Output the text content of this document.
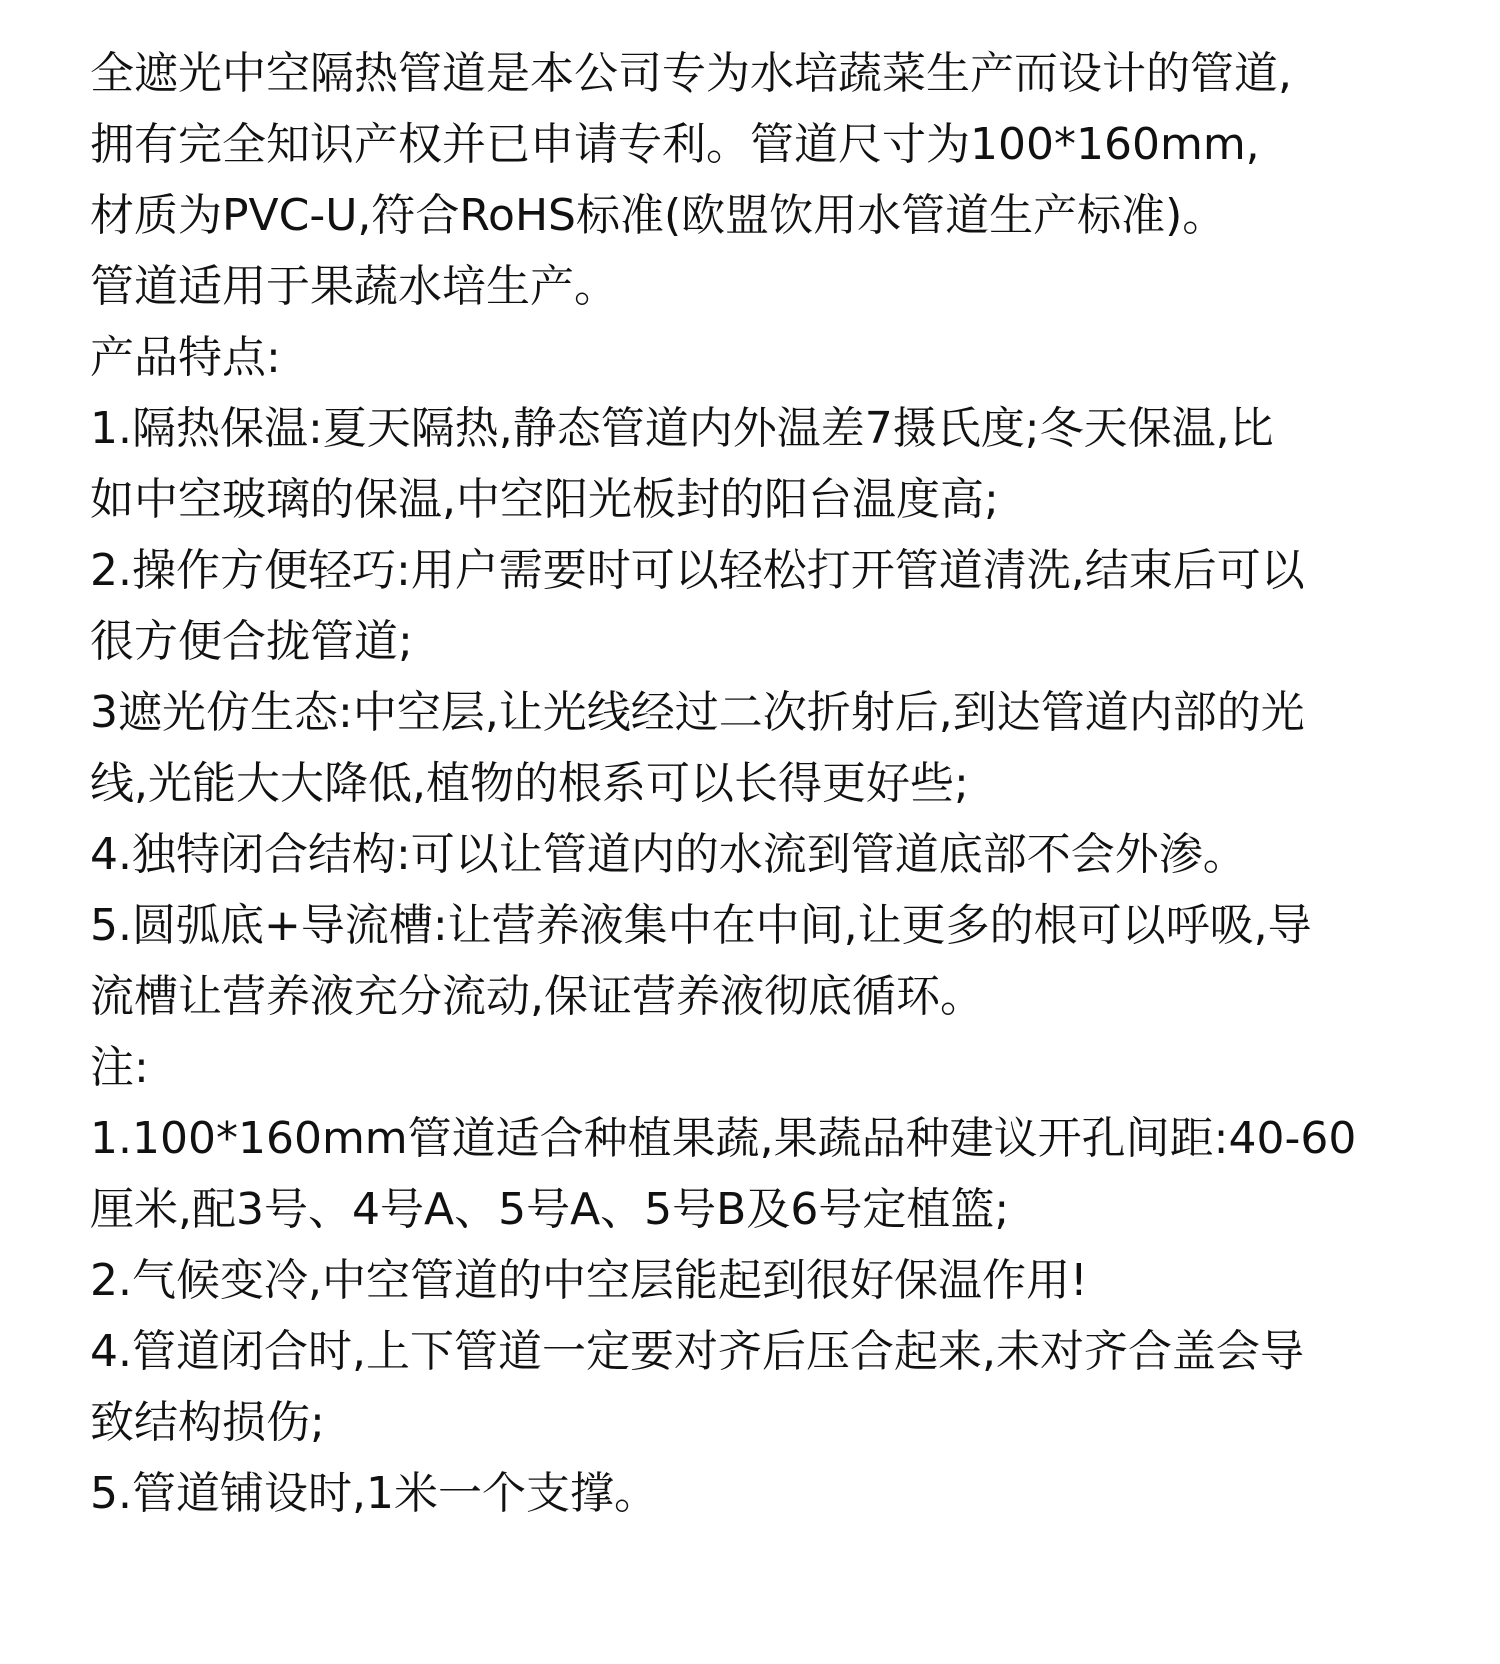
全遮光中空隔热管道是本公司专为水培蔬菜生产而设计的管道,

拥有完全知识产权并已申请专利。管道尺寸为100*160mm,

材质为PVC-U,符合RoHS标准(欧盟饮用水管道生产标准)。

管道适用于果蔬水培生产。

产品特点:

1.隔热保温:夏天隔热,静态管道内外温差7摄氏度;冬天保温,比

如中空玻璃的保温,中空阳光板封的阳台温度高;

2.操作方便轻巧:用户需要时可以轻松打开管道清洗,结束后可以

很方便合拢管道;

3遮光仿生态:中空层,让光线经过二次折射后,到达管道内部的光

线,光能大大降低,植物的根系可以长得更好些;

4.独特闭合结构:可以让管道内的水流到管道底部不会外渗。

5.圆弧底+导流槽:让营养液集中在中间,让更多的根可以呼吸,导

流槽让营养液充分流动,保证营养液彻底循环。

注:

1.100*160mm管道适合种植果蔬,果蔬品种建议开孔间距:40-60

厘米,配3号、4号A、5号A、5号B及6号定植篮;

2.气候变冷,中空管道的中空层能起到很好保温作用!

4.管道闭合时,上下管道一定要对齐后压合起来,未对齐合盖会导

致结构损伤;

5.管道铺设时,1米一个支撑。
